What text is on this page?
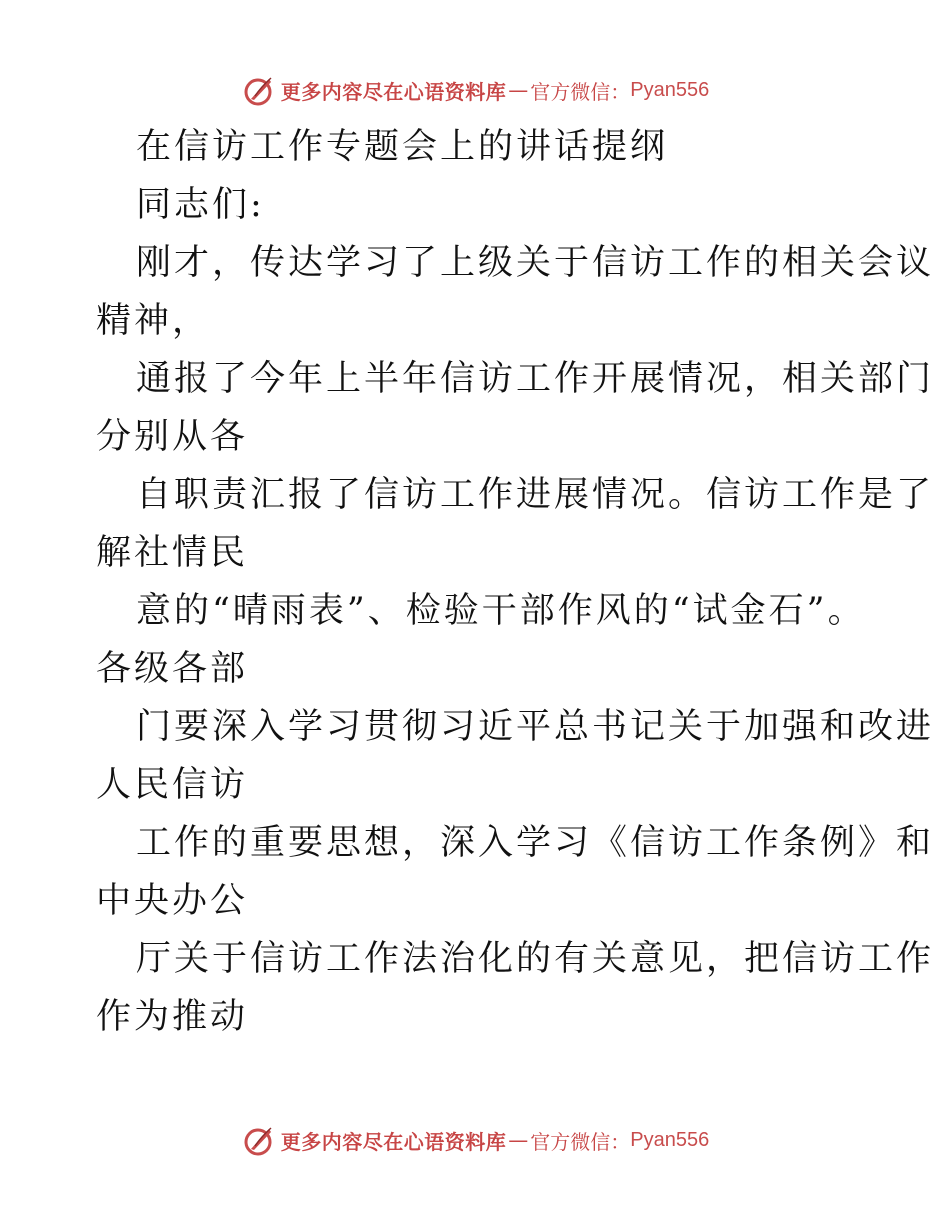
更多内容尽在心语资料库 — 官方微信： Pyan556
在信访工作专题会上的讲话提纲
同志们:
刚才，传达学习了上级关于信访工作的相关会议
精神，
通报了今年上半年信访工作开展情况，相关部门
分别从各
自职责汇报了信访工作进展情况。信访工作是了
解社情民
意的“晴雨表”、检验干部作风的“试金石”。
各级各部
门要深入学习贯彻习近平总书记关于加强和改进
人民信访
工作的重要思想，深入学习《信访工作条例》和
中央办公
厅关于信访工作法治化的有关意见，把信访工作
作为推动
更多内容尽在心语资料库 — 官方微信： Pyan556
